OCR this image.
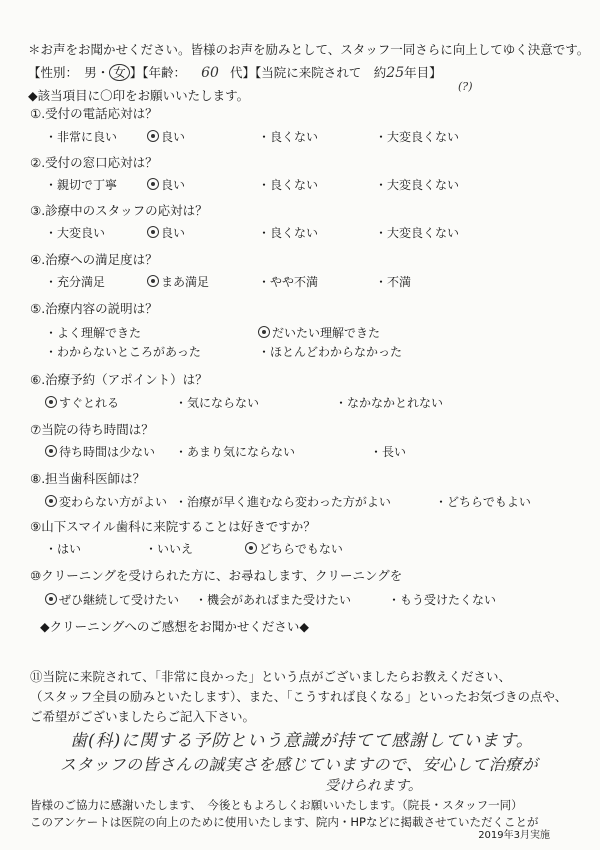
＊お声をお聞かせください。皆様のお声を励みとして、スタッフ一同さらに向上してゆく決意です。
【性別：　男・ 女 】【年齢： 60 代】【当院に来院されて　約25年目】
(?)
◆該当項目に〇印をお願いいたします。
①.受付の電話応対は？
・非常に良い	良い	・良くない	・大変良くない
②.受付の窓口応対は？
・親切で丁寧	良い	・良くない	・大変良くない
③.診療中のスタッフの応対は？
・大変良い	良い	・良くない	・大変良くない
④.治療への満足度は？
・充分満足	まあ満足	・やや不満	・不満
⑤.治療内容の説明は？
・よく理解できた	だいたい理解できた
・わからないところがあった	・ほとんどわからなかった
⑥.治療予約（アポイント）は？
すぐとれる	・気にならない	・なかなかとれない
⑦当院の待ち時間は？
待ち時間は少ない ・あまり気にならない	・長い
⑧.担当歯科医師は？
変わらない方がよい ・治療が早く進むなら変わった方がよい	・どちらでもよい
⑨山下スマイル歯科に来院することは好きですか？
・はい	・いいえ	どちらでもない
⑩クリーニングを受けられた方に、お尋ねします、クリーニングを
ぜひ継続して受けたい ・機会があればまた受けたい	・もう受けたくない
◆クリーニングへのご感想をお聞かせください◆
⑪当院に来院されて、「非常に良かった」という点がございましたらお教えください、
（スタッフ全員の励みといたします）、また、「こうすれば良くなる」といったお気づきの点や、
ご希望がございましたらご記入下さい。
歯(科)に関する予防という意識が持てて感謝しています。
スタッフの皆さんの誠実さを感じていますので、安心して治療が
受けられます。
皆様のご協力に感謝いたします、　今後ともよろしくお願いいたします。（院長・スタッフ一同）
このアンケートは医院の向上のために使用いたします、院内・HPなどに掲載させていただくことが
2019年3月実施
